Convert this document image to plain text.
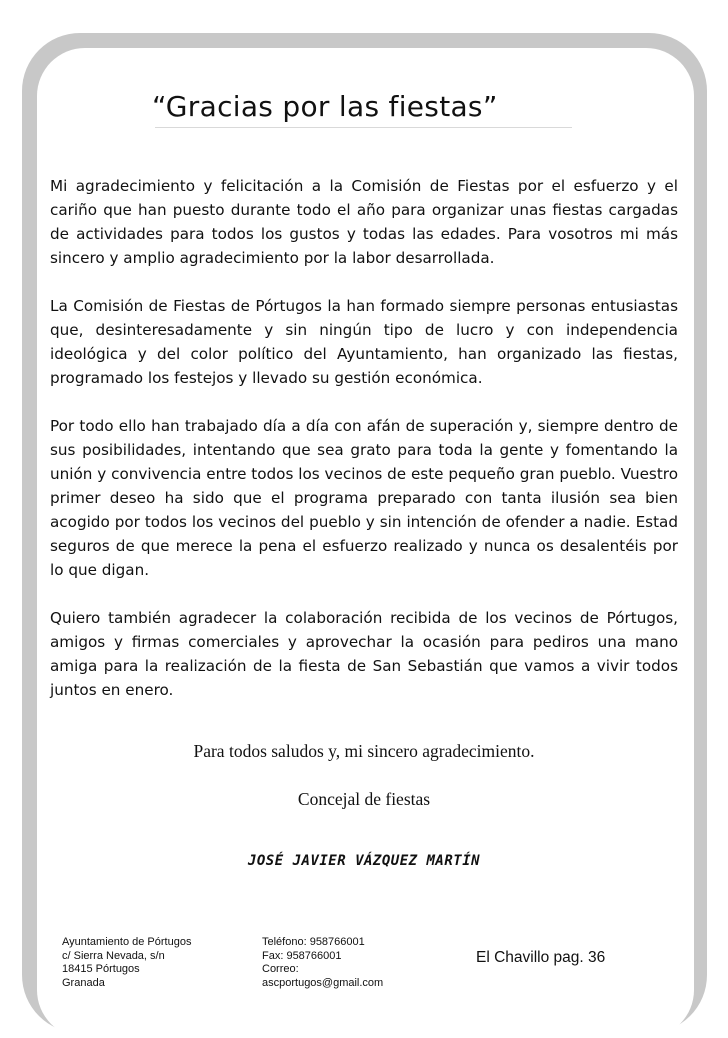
“Gracias por las fiestas”

Mi agradecimiento y felicitación a la Comisión de Fiestas por el esfuerzo y el cariño que han puesto durante todo el año para organizar unas fiestas cargadas de actividades para todos los gustos y todas las edades. Para vosotros mi más sincero y amplio agradecimiento por la labor desarrollada.

La Comisión de Fiestas de Pórtugos la han formado siempre personas entusiastas que, desinteresadamente y sin ningún tipo de lucro y con independencia ideológica y del color político del Ayuntamiento, han organizado las fiestas, programado los festejos y llevado su gestión económica.

Por todo ello han trabajado día a día con afán de superación y, siempre dentro de sus posibilidades, intentando que sea grato para toda la gente y fomentando la unión y convivencia entre todos los vecinos de este pequeño gran pueblo. Vuestro primer deseo ha sido que el programa preparado con tanta ilusión sea bien acogido por todos los vecinos del pueblo y sin intención de ofender a nadie. Estad seguros de que merece la pena el esfuerzo realizado y nunca os desalentéis por lo que digan.

Quiero también agradecer la colaboración recibida de los vecinos de Pórtugos, amigos y firmas comerciales y aprovechar la ocasión para pediros una mano amiga para la realización de la fiesta de San Sebastián que vamos a vivir todos juntos en enero.

Para todos saludos y, mi sincero agradecimiento.
Concejal de fiestas
JOSÉ JAVIER VÁZQUEZ MARTÍN
Ayuntamiento de Pórtugos
c/ Sierra Nevada, s/n
18415 Pórtugos
Granada
Teléfono: 958766001
Fax: 958766001
Correo:
ascportugos@gmail.com
El Chavillo pag. 36
